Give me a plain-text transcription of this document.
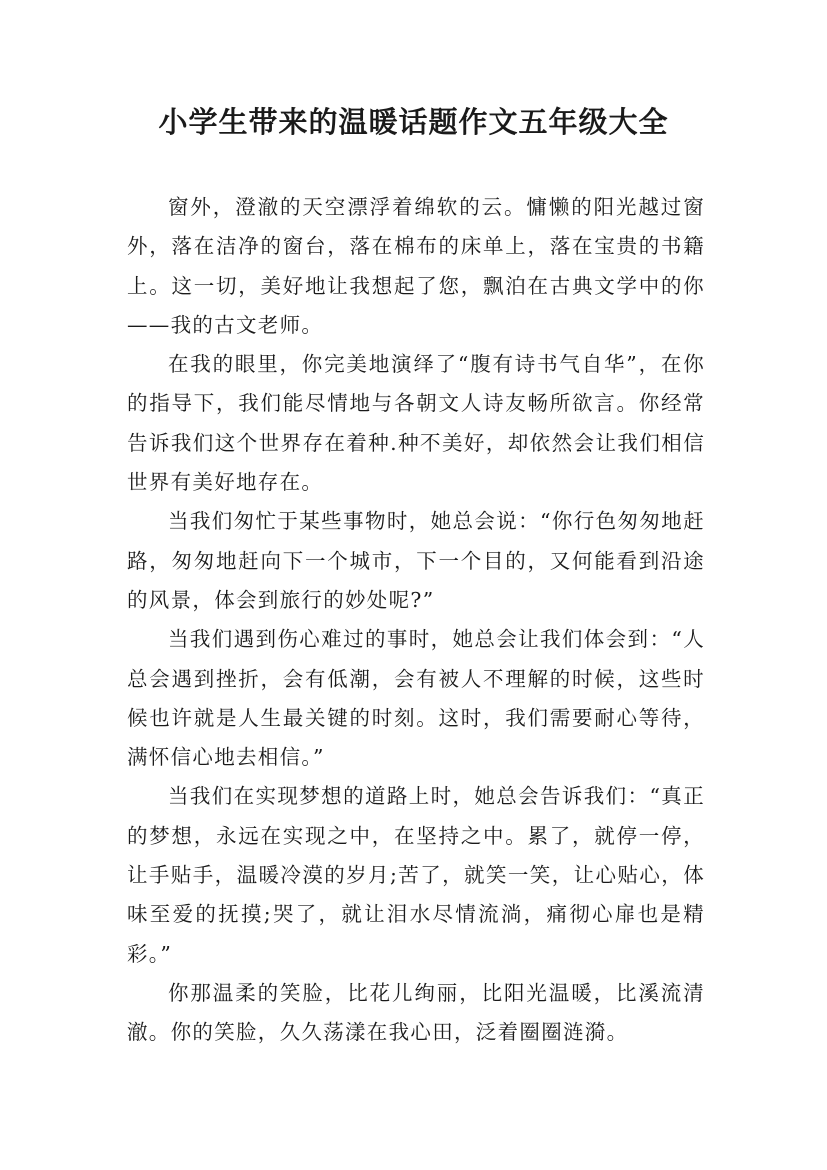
小学生带来的温暖话题作文五年级大全

窗外，澄澈的天空漂浮着绵软的云。慵懒的阳光越过窗外，落在洁净的窗台，落在棉布的床单上，落在宝贵的书籍上。这一切，美好地让我想起了您，飘泊在古典文学中的你——我的古文老师。

在我的眼里，你完美地演绎了“腹有诗书气自华”，在你的指导下，我们能尽情地与各朝文人诗友畅所欲言。你经常告诉我们这个世界存在着种.种不美好，却依然会让我们相信世界有美好地存在。

当我们匆忙于某些事物时，她总会说：“你行色匆匆地赶路，匆匆地赶向下一个城市，下一个目的，又何能看到沿途的风景，体会到旅行的妙处呢?”

当我们遇到伤心难过的事时，她总会让我们体会到：“人总会遇到挫折，会有低潮，会有被人不理解的时候，这些时候也许就是人生最关键的时刻。这时，我们需要耐心等待，满怀信心地去相信。”

当我们在实现梦想的道路上时，她总会告诉我们：“真正的梦想，永远在实现之中，在坚持之中。累了，就停一停，让手贴手，温暖冷漠的岁月;苦了，就笑一笑，让心贴心，体味至爱的抚摸;哭了，就让泪水尽情流淌，痛彻心扉也是精彩。”

你那温柔的笑脸，比花儿绚丽，比阳光温暖，比溪流清澈。你的笑脸，久久荡漾在我心田，泛着圈圈涟漪。
